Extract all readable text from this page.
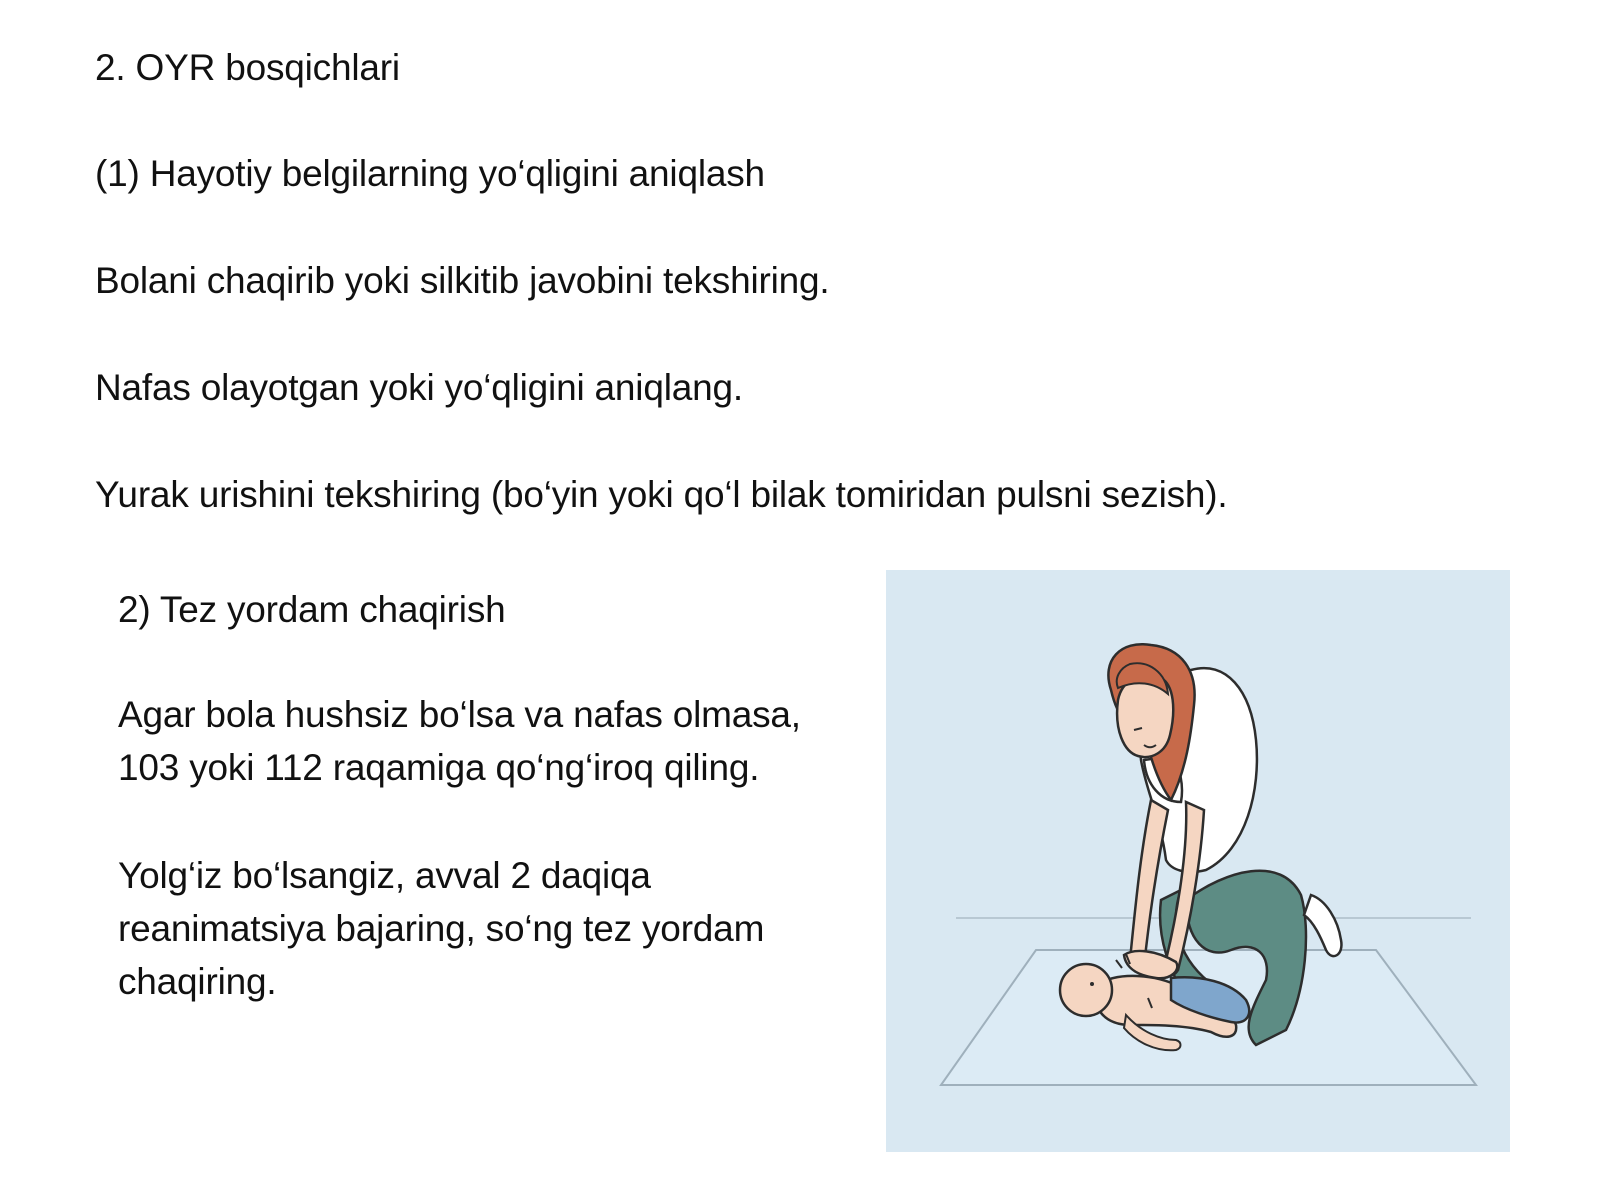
2. OYR bosqichlari
(1) Hayotiy belgilarning yo‘qligini aniqlash
Bolani chaqirib yoki silkitib javobini tekshiring.
Nafas olayotgan yoki yo‘qligini aniqlang.
Yurak urishini tekshiring (bo‘yin yoki qo‘l bilak tomiridan pulsni sezish).
2) Tez yordam chaqirish
Agar bola hushsiz bo‘lsa va nafas olmasa,
103 yoki 112 raqamiga qo‘ng‘iroq qiling.
Yolg‘iz bo‘lsangiz, avval 2 daqiqa
reanimatsiya bajaring, so‘ng tez yordam
chaqiring.
